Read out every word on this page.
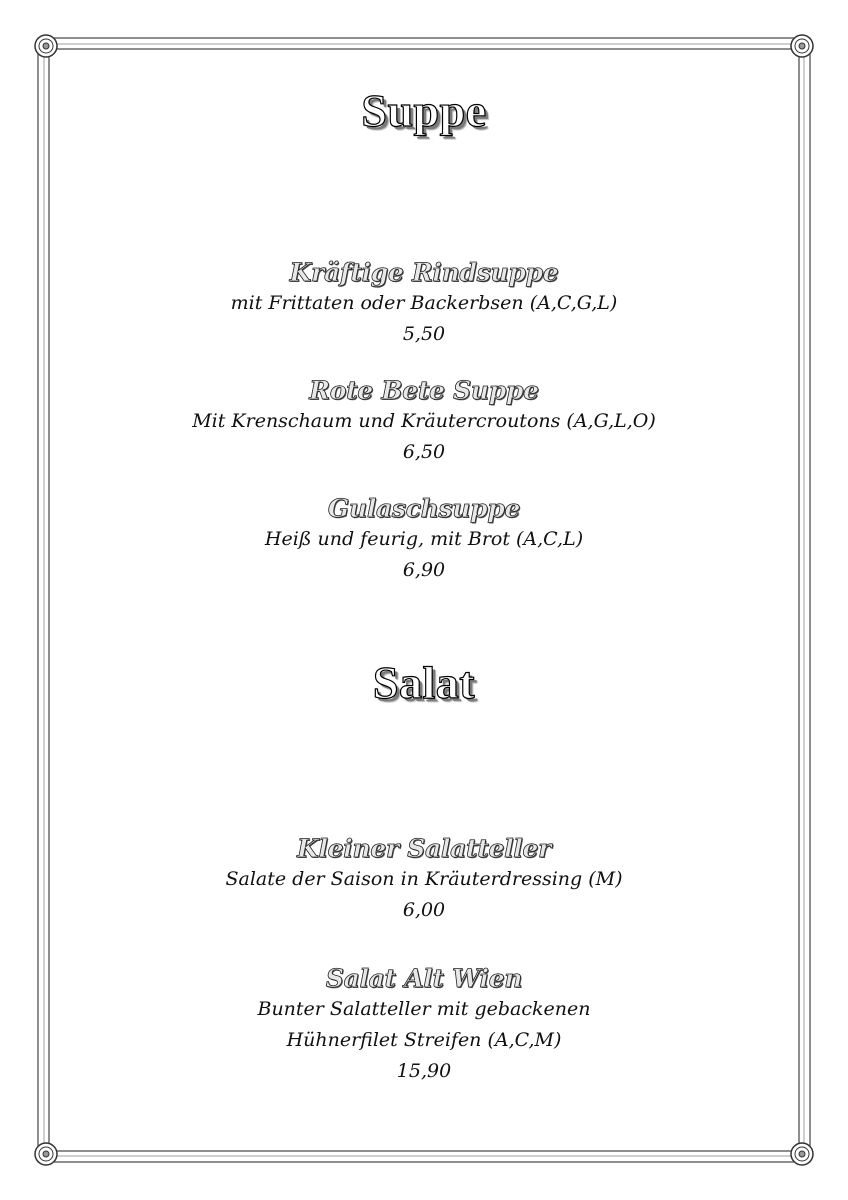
Suppe
Kräftige Rindsuppe
mit Frittaten oder Backerbsen (A,C,G,L)
5,50
Rote Bete Suppe
Mit Krenschaum und Kräutercroutons (A,G,L,O)
6,50
Gulaschsuppe
Heiß und feurig, mit Brot (A,C,L)
6,90
Salat
Kleiner Salatteller
Salate der Saison in Kräuterdressing (M)
6,00
Salat Alt Wien
Bunter Salatteller mit gebackenen
Hühnerfilet Streifen (A,C,M)
15,90
